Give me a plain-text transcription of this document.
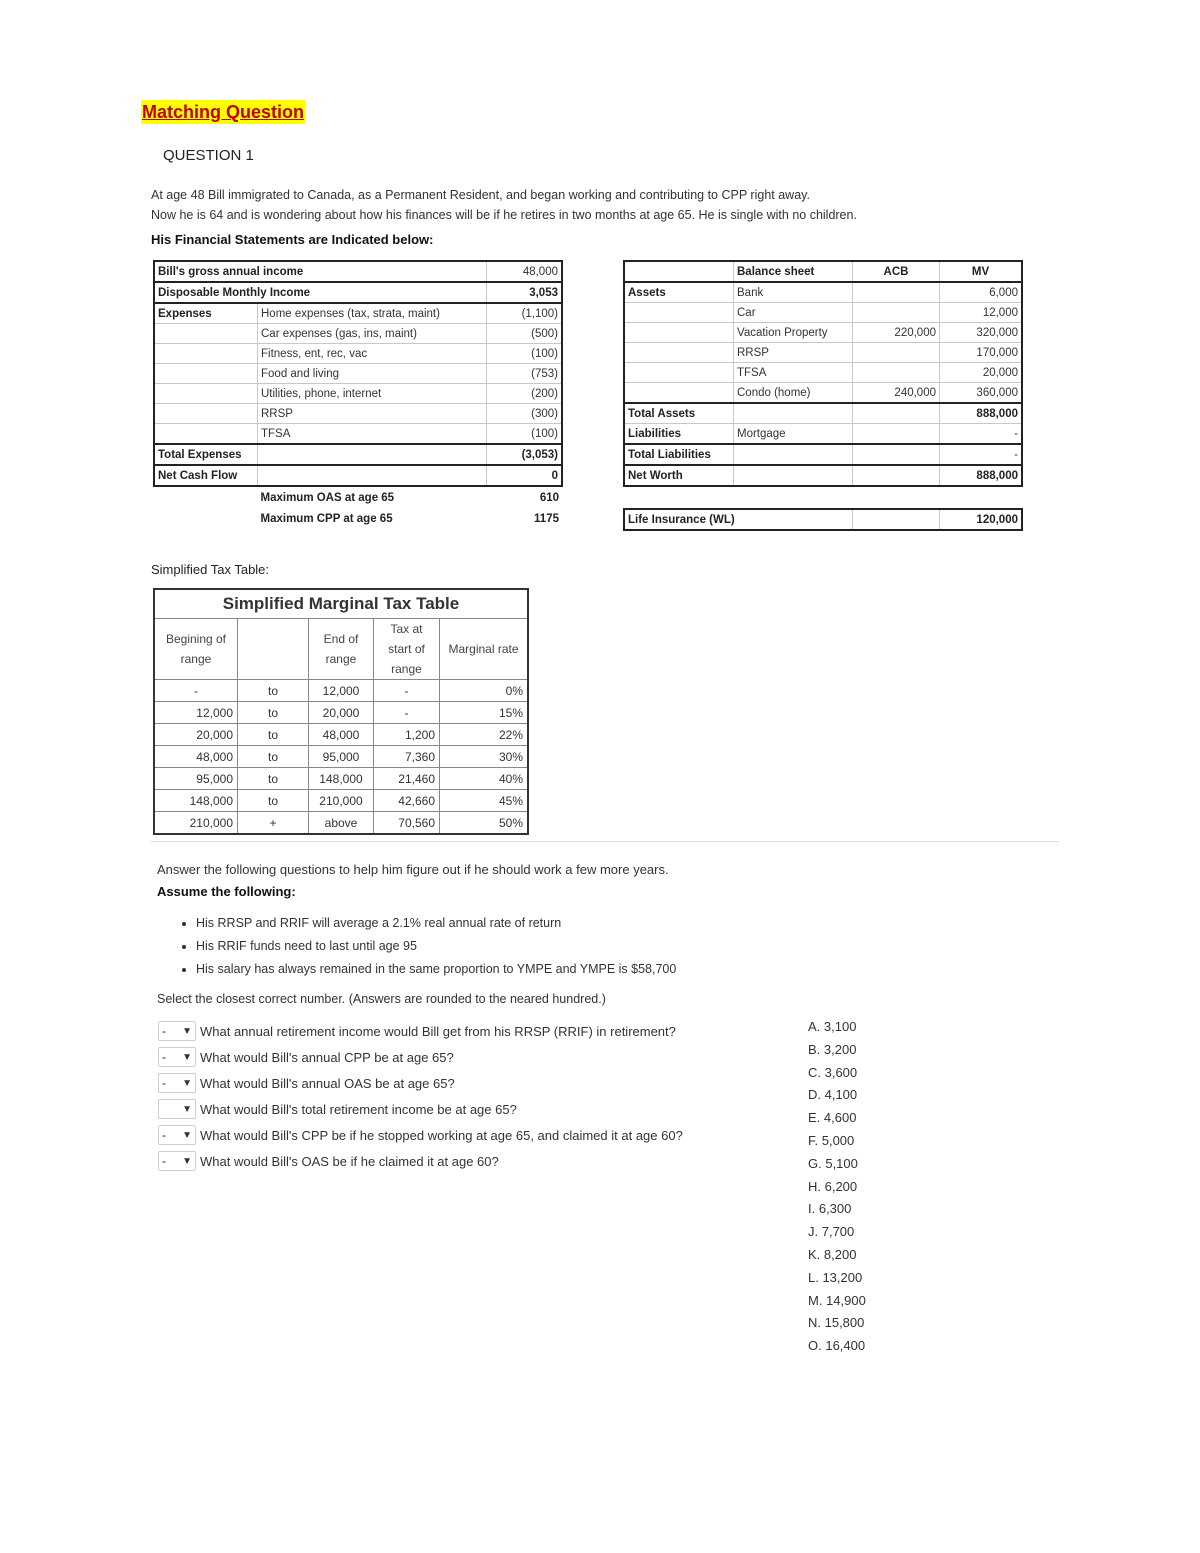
Matching Question
QUESTION 1
At age 48 Bill immigrated to Canada, as a Permanent Resident, and began working and contributing to CPP right away.
Now he is 64 and is wondering about how his finances will be if he retires in two months at age 65. He is single with no children.
His Financial Statements are Indicated below:
Bill's gross annual income		48,000
Disposable Monthly Income		3,053
Expenses	Home expenses (tax, strata, maint)	(1,100)
	Car expenses (gas, ins, maint)	(500)
	Fitness, ent, rec, vac	(100)
	Food and living	(753)
	Utilities, phone, internet	(200)
	RRSP	(300)
	TFSA	(100)
Total Expenses		(3,053)
Net Cash Flow		0
	Maximum OAS at age 65	610
	Maximum CPP at age 65	1175
	Balance sheet	ACB	MV
Assets	Bank		6,000
	Car		12,000
	Vacation Property	220,000	320,000
	RRSP		170,000
	TFSA		20,000
	Condo (home)	240,000	360,000
Total Assets			888,000
Liabilities	Mortgage		-
Total Liabilities			-
Net Worth			888,000

Life Insurance (WL)			120,000
Simplified Tax Table:
Simplified Marginal Tax Table				
Begining of range		End of range	Tax at start of range	Marginal rate
-	to	12,000	-	0%
12,000	to	20,000	-	15%
20,000	to	48,000	1,200	22%
48,000	to	95,000	7,360	30%
95,000	to	148,000	21,460	40%
148,000	to	210,000	42,660	45%
210,000	+	above	70,560	50%
Answer the following questions to help him figure out if he should work a few more years.
Assume the following:
• His RRSP and RRIF will average a 2.1% real annual rate of return
• His RRIF funds need to last until age 95
• His salary has always remained in the same proportion to YMPE and YMPE is $58,700
Select the closest correct number. (Answers are rounded to the neared hundred.)
- ▼ What annual retirement income would Bill get from his RRSP (RRIF) in retirement?
- ▼ What would Bill's annual CPP be at age 65?
- ▼ What would Bill's annual OAS be at age 65?
▼ What would Bill's total retirement income be at age 65?
- ▼ What would Bill's CPP be if he stopped working at age 65, and claimed it at age 60?
- ▼ What would Bill's OAS be if he claimed it at age 60?
A. 3,100
B. 3,200
C. 3,600
D. 4,100
E. 4,600
F. 5,000
G. 5,100
H. 6,200
I. 6,300
J. 7,700
K. 8,200
L. 13,200
M. 14,900
N. 15,800
O. 16,400
